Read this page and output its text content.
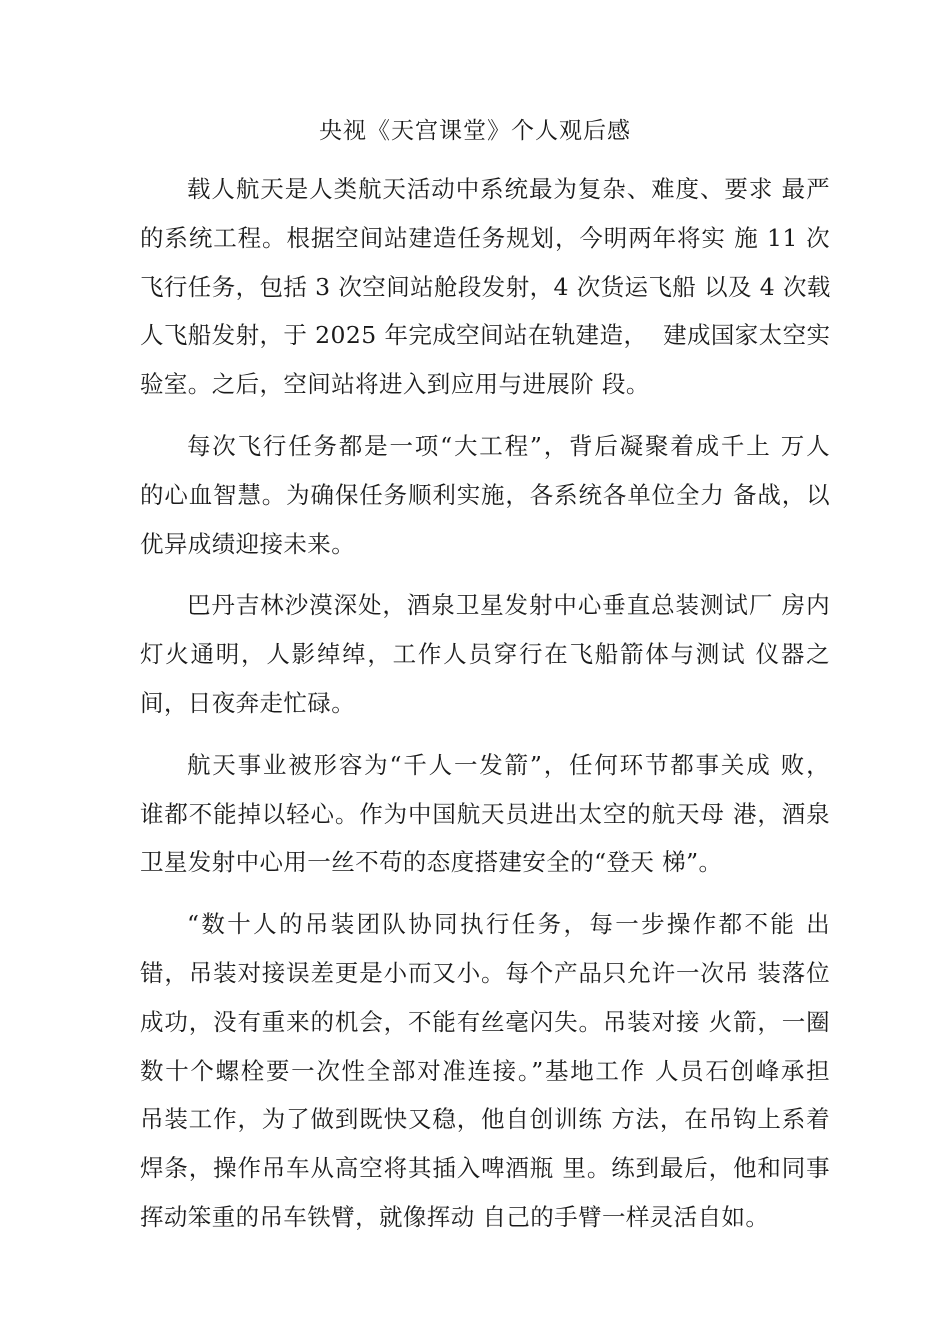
央视《天宫课堂》个人观后感
载人航天是人类航天活动中系统最为复杂、难度、要求 最严
的系统工程。根据空间站建造任务规划，今明两年将实 施 11 次
飞行任务，包括 3 次空间站舱段发射，4 次货运飞船 以及 4 次载
人飞船发射，于 2025 年完成空间站在轨建造，  建成国家太空实
验室。之后，空间站将进入到应用与进展阶 段。
每次飞行任务都是一项“大工程”，背后凝聚着成千上 万人
的心血智慧。为确保任务顺利实施，各系统各单位全力 备战，以
优异成绩迎接未来。
巴丹吉林沙漠深处，酒泉卫星发射中心垂直总装测试厂 房内
灯火通明，人影绰绰，工作人员穿行在飞船箭体与测试 仪器之
间，日夜奔走忙碌。
航天事业被形容为“千人一发箭”，任何环节都事关成 败，
谁都不能掉以轻心。作为中国航天员进出太空的航天母 港，酒泉
卫星发射中心用一丝不苟的态度搭建安全的“登天 梯”。
“数十人的吊装团队协同执行任务，每一步操作都不能 出
错，吊装对接误差更是小而又小。每个产品只允许一次吊 装落位
成功，没有重来的机会，不能有丝毫闪失。吊装对接 火箭，一圈
数十个螺栓要一次性全部对准连接。”基地工作 人员石创峰承担
吊装工作，为了做到既快又稳，他自创训练 方法，在吊钩上系着
焊条，操作吊车从高空将其插入啤酒瓶 里。练到最后，他和同事
挥动笨重的吊车铁臂，就像挥动 自己的手臂一样灵活自如。
